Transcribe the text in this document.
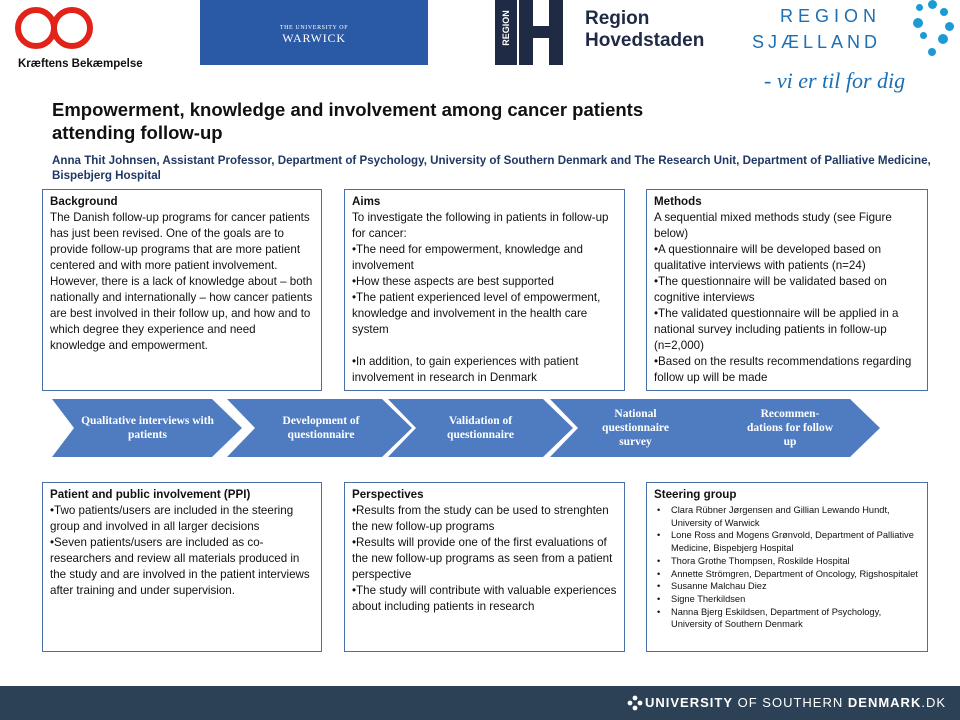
Kræftens Bekæmpelse
THE UNIVERSITY OF
WARWICK	REGION	Region
Hovedstaden
REGION
SJÆLLAND
- vi er til for dig
Empowerment, knowledge and involvement among cancer patients attending follow-up
Anna Thit Johnsen, Assistant Professor, Department of Psychology, University of Southern Denmark and The Research Unit, Department of Palliative Medicine, Bispebjerg Hospital

Background

The Danish follow-up programs for cancer patients has just been revised. One of the goals are to provide follow-up programs that are more patient centered and with more patient involvement.

However, there is a lack of knowledge about – both nationally and internationally – how cancer patients are best involved in their follow up, and how and to which degree they experience and need knowledge and empowerment.

Aims

To investigate the following in patients in follow-up for cancer:

•The need for empowerment, knowledge and involvement

•How these aspects are best supported

•The patient experienced level of empowerment, knowledge and involvement in the health care system

•In addition, to gain experiences with patient involvement in research in Denmark

Methods

A sequential mixed methods study (see Figure below)

•A questionnaire will be developed based on qualitative interviews with patients (n=24)

•The questionnaire will be validated based on cognitive interviews

•The validated questionnaire will be applied in a national survey including patients in follow-up (n=2,000)

•Based on the results recommendations regarding follow up will be made

Qualitative interviews with patients
Development of questionnaire
Validation of questionnaire
National questionnaire survey
Recommen-dations for follow up

Patient and public involvement (PPI)

•Two patients/users are included in the steering group and involved in all larger decisions

•Seven patients/users are included as co-researchers and review all materials produced in the study and are involved in the patient interviews after training and under supervision.

Perspectives

•Results from the study can be used to strenghten the new follow-up programs

•Results will provide one of the first evaluations of the new follow-up programs as seen from a patient perspective

•The study will contribute with valuable experiences about including patients in research

Steering group

• Clara Rübner Jørgensen and Gillian Lewando Hundt, University of Warwick
• Lone Ross and Mogens Grønvold, Department of Palliative Medicine, Bispebjerg Hospital
• Thora Grothe Thompsen, Roskilde Hospital
• Annette Strömgren, Department of Oncology, Rigshospitalet
• Susanne Malchau Diez
• Signe Therkildsen
• Nanna Bjerg Eskildsen, Department of Psychology, University of Southern Denmark
UNIVERSITY OF SOUTHERN DENMARK.DK
